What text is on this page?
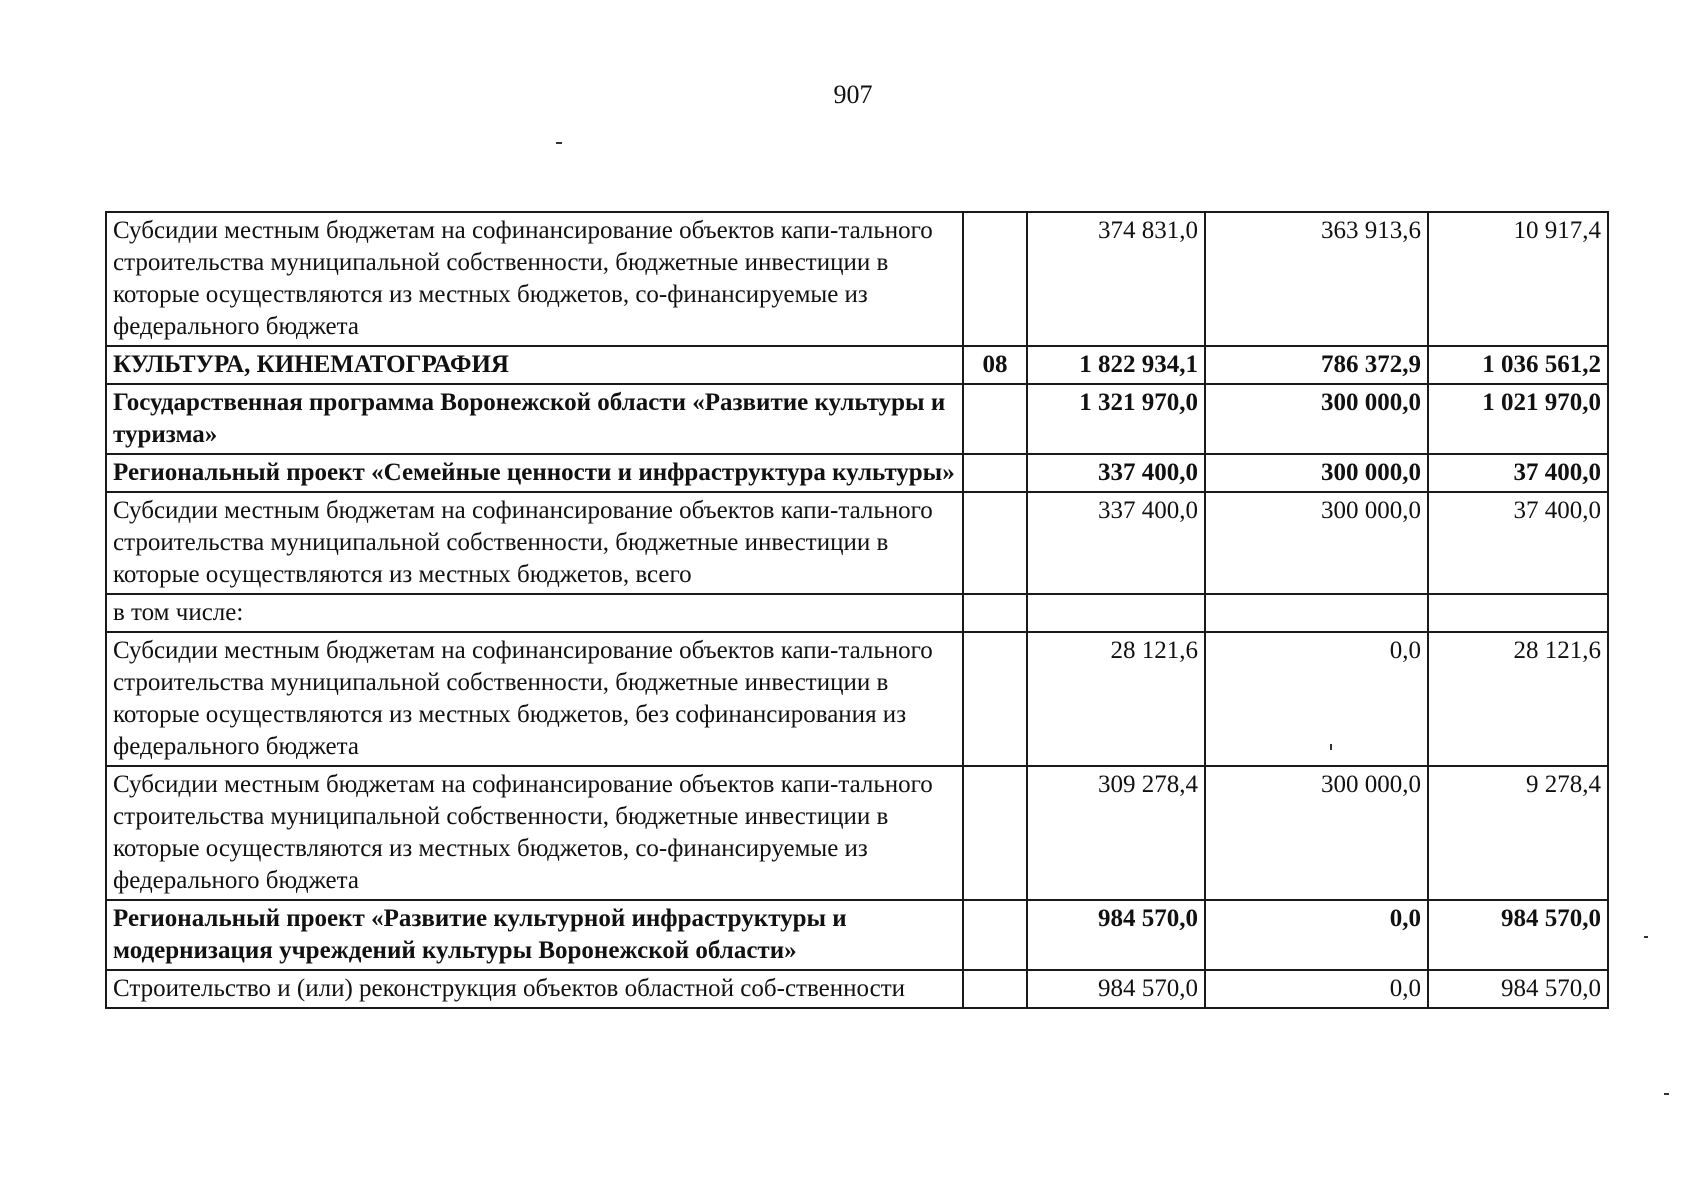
907
Субсидии местным бюджетам на софинансирование объектов капи-тального строительства муниципальной собственности, бюджетные инвестиции в которые осуществляются из местных бюджетов, со-финансируемые из федерального бюджета		374 831,0	363 913,6	10 917,4
КУЛЬТУРА, КИНЕМАТОГРАФИЯ	08	1 822 934,1	786 372,9	1 036 561,2
Государственная программа Воронежской области «Развитие культуры и туризма»		1 321 970,0	300 000,0	1 021 970,0
Региональный проект «Семейные ценности и инфраструктура культуры»		337 400,0	300 000,0	37 400,0
Субсидии местным бюджетам на софинансирование объектов капи-тального строительства муниципальной собственности, бюджетные инвестиции в которые осуществляются из местных бюджетов, всего		337 400,0	300 000,0	37 400,0
в том числе:				
Субсидии местным бюджетам на софинансирование объектов капи-тального строительства муниципальной собственности, бюджетные инвестиции в которые осуществляются из местных бюджетов, без софинансирования из федерального бюджета		28 121,6	0,0	28 121,6
Субсидии местным бюджетам на софинансирование объектов капи-тального строительства муниципальной собственности, бюджетные инвестиции в которые осуществляются из местных бюджетов, со-финансируемые из федерального бюджета		309 278,4	300 000,0	9 278,4
Региональный проект «Развитие культурной инфраструктуры и модернизация учреждений культуры Воронежской области»		984 570,0	0,0	984 570,0
Строительство и (или) реконструкция объектов областной соб-ственности		984 570,0	0,0	984 570,0
